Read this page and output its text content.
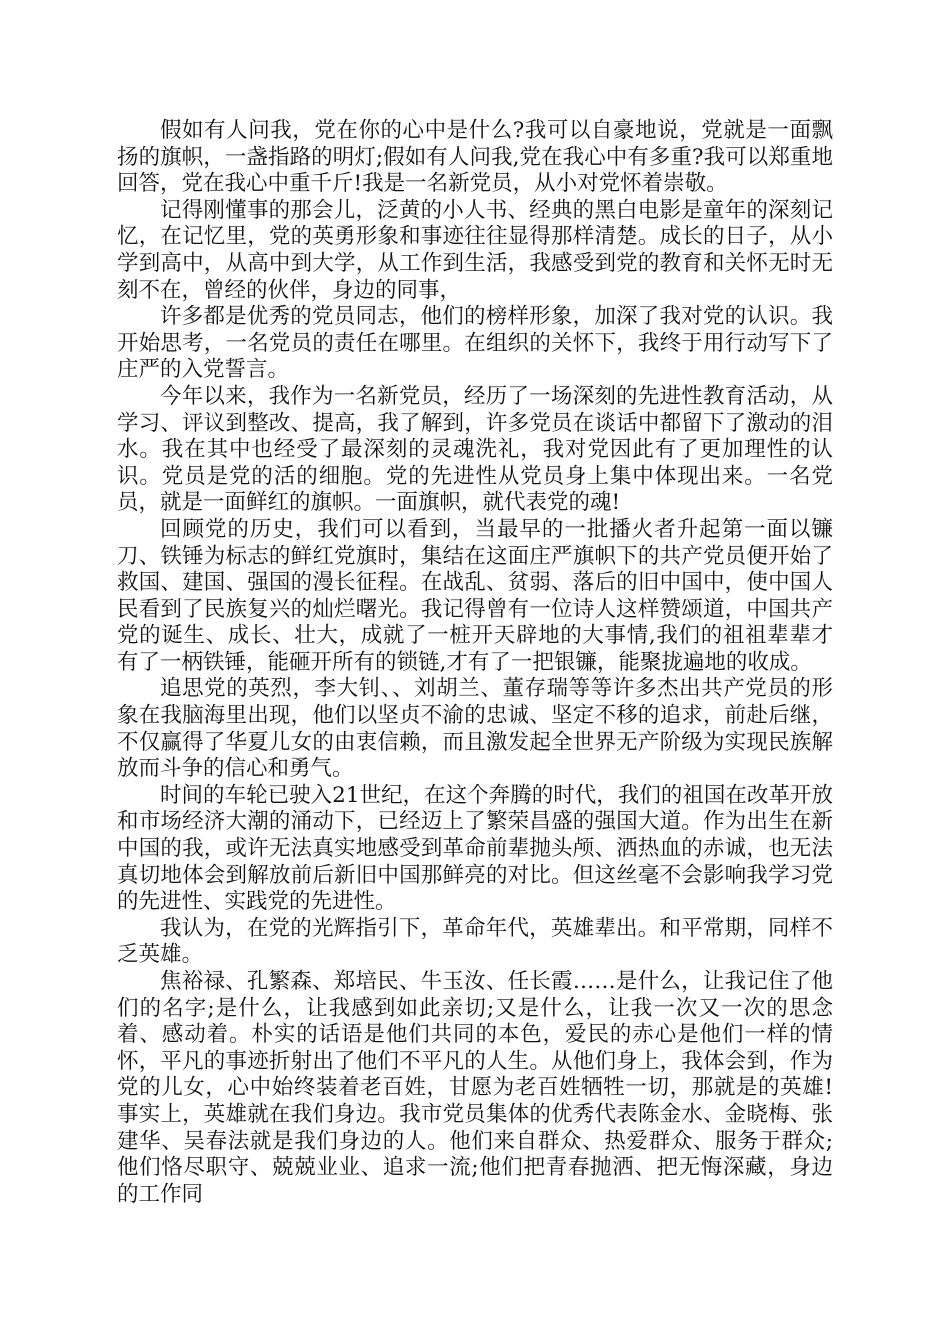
假如有人问我，党在你的心中是什么?我可以自豪地说，党就是一面飘扬的旗帜，一盏指路的明灯;假如有人问我,党在我心中有多重?我可以郑重地回答，党在我心中重千斤!我是一名新党员，从小对党怀着崇敬。

记得刚懂事的那会儿，泛黄的小人书、经典的黑白电影是童年的深刻记忆，在记忆里，党的英勇形象和事迹往往显得那样清楚。成长的日子，从小学到高中，从高中到大学，从工作到生活，我感受到党的教育和关怀无时无刻不在，曾经的伙伴，身边的同事，

许多都是优秀的党员同志，他们的榜样形象，加深了我对党的认识。我开始思考，一名党员的责任在哪里。在组织的关怀下，我终于用行动写下了庄严的入党誓言。

今年以来，我作为一名新党员，经历了一场深刻的先进性教育活动，从学习、评议到整改、提高，我了解到，许多党员在谈话中都留下了激动的泪水。我在其中也经受了最深刻的灵魂洗礼，我对党因此有了更加理性的认识。党员是党的活的细胞。党的先进性从党员身上集中体现出来。一名党员，就是一面鲜红的旗帜。一面旗帜，就代表党的魂!

回顾党的历史，我们可以看到，当最早的一批播火者升起第一面以镰刀、铁锤为标志的鲜红党旗时，集结在这面庄严旗帜下的共产党员便开始了救国、建国、强国的漫长征程。在战乱、贫弱、落后的旧中国中，使中国人民看到了民族复兴的灿烂曙光。我记得曾有一位诗人这样赞颂道，中国共产党的诞生、成长、壮大，成就了一桩开天辟地的大事情,我们的祖祖辈辈才有了一柄铁锤，能砸开所有的锁链,才有了一把银镰，能聚拢遍地的收成。

追思党的英烈，李大钊、、刘胡兰、董存瑞等等许多杰出共产党员的形象在我脑海里出现，他们以坚贞不渝的忠诚、坚定不移的追求，前赴后继，不仅赢得了华夏儿女的由衷信赖，而且激发起全世界无产阶级为实现民族解放而斗争的信心和勇气。

时间的车轮已驶入21世纪，在这个奔腾的时代，我们的祖国在改革开放和市场经济大潮的涌动下，已经迈上了繁荣昌盛的强国大道。作为出生在新中国的我，或许无法真实地感受到革命前辈抛头颅、洒热血的赤诚，也无法真切地体会到解放前后新旧中国那鲜亮的对比。但这丝毫不会影响我学习党的先进性、实践党的先进性。

我认为，在党的光辉指引下，革命年代，英雄辈出。和平常期，同样不乏英雄。

焦裕禄、孔繁森、郑培民、牛玉汝、任长霞……是什么，让我记住了他们的名字;是什么，让我感到如此亲切;又是什么，让我一次又一次的思念着、感动着。朴实的话语是他们共同的本色，爱民的赤心是他们一样的情怀，平凡的事迹折射出了他们不平凡的人生。从他们身上，我体会到，作为党的儿女，心中始终装着老百姓，甘愿为老百姓牺牲一切，那就是的英雄!事实上，英雄就在我们身边。我市党员集体的优秀代表陈金水、金晓梅、张建华、吴春法就是我们身边的人。他们来自群众、热爱群众、服务于群众;他们恪尽职守、兢兢业业、追求一流;他们把青春抛洒、把无悔深藏，身边的工作同
